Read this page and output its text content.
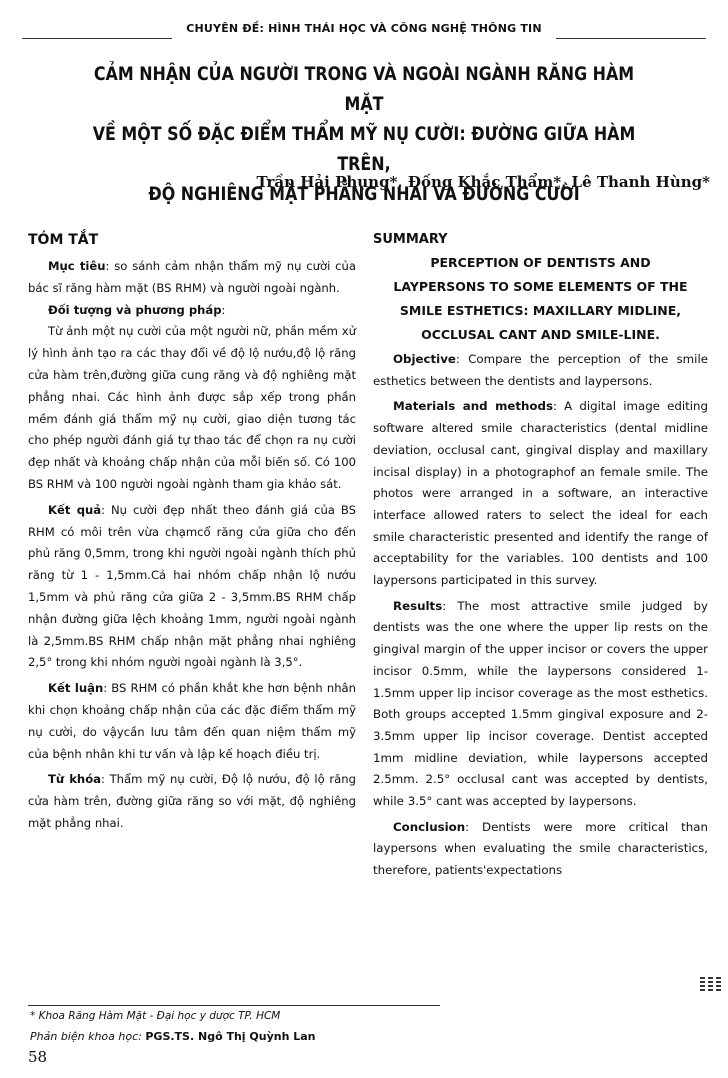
CHUYÊN ĐỀ: HÌNH THÁI HỌC VÀ CÔNG NGHỆ THÔNG TIN
CẢM NHẬN CỦA NGƯỜI TRONG VÀ NGOÀI NGÀNH RĂNG HÀM MẶT
VỀ MỘT SỐ ĐẶC ĐIỂM THẨM MỸ NỤ CƯỜI: ĐƯỜNG GIỮA HÀM TRÊN,
ĐỘ NGHIÊNG MẶT PHẲNG NHAI VÀ ĐƯỜNG CƯỜI
Trần Hải Phụng*, Đống Khắc Thẩm*, Lê Thanh Hùng*
TÓM TẮT

Mục tiêu: so sánh cảm nhận thẩm mỹ nụ cười của bác sĩ răng hàm mặt (BS RHM) và người ngoài ngành.

Đối tượng và phương pháp:

Từ ảnh một nụ cười của một người nữ, phần mềm xử lý hình ảnh tạo ra các thay đổi về độ lộ nướu,độ lộ răng cửa hàm trên,đường giữa cung răng và độ nghiêng mặt phẳng nhai. Các hình ảnh được sắp xếp trong phần mềm đánh giá thẩm mỹ nụ cười, giao diện tương tác cho phép người đánh giá tự thao tác để chọn ra nụ cười đẹp nhất và khoảng chấp nhận của mỗi biến số. Có 100 BS RHM và 100 người ngoài ngành tham gia khảo sát.

Kết quả: Nụ cười đẹp nhất theo đánh giá của BS RHM có môi trên vừa chạmcổ răng cửa giữa cho đến phủ răng 0,5mm, trong khi người ngoài ngành thích phủ răng từ 1 - 1,5mm.Cả hai nhóm chấp nhận lộ nướu 1,5mm và phủ răng cửa giữa 2 - 3,5mm.BS RHM chấp nhận đường giữa lệch khoảng 1mm, người ngoài ngành là 2,5mm.BS RHM chấp nhận mặt phẳng nhai nghiêng 2,5° trong khi nhóm người ngoài ngành là 3,5°.

Kết luận: BS RHM có phần khắt khe hơn bệnh nhân khi chọn khoảng chấp nhận của các đặc điểm thẩm mỹ nụ cười, do vậycần lưu tâm đến quan niệm thẩm mỹ của bệnh nhân khi tư vấn và lập kế hoạch điều trị.

Từ khóa: Thẩm mỹ nụ cười, Độ lộ nướu, độ lộ răng cửa hàm trên, đường giữa răng so với mặt, độ nghiêng mặt phẳng nhai.

SUMMARY
PERCEPTION OF DENTISTS AND
LAYPERSONS TO SOME ELEMENTS OF THE
SMILE ESTHETICS: MAXILLARY MIDLINE,
OCCLUSAL CANT AND SMILE-LINE.

Objective: Compare the perception of the smile esthetics between the dentists and laypersons.

Materials and methods: A digital image editing software altered smile characteristics (dental midline deviation, occlusal cant, gingival display and maxillary incisal display) in a photographof an female smile. The photos were arranged in a software, an interactive interface allowed raters to select the ideal for each smile characteristic presented and identify the range of acceptability for the variables. 100 dentists and 100 laypersons participated in this survey.

Results: The most attractive smile judged by dentists was the one where the upper lip rests on the gingival margin of the upper incisor or covers the upper incisor 0.5mm, while the laypersons considered 1-1.5mm upper lip incisor coverage as the most esthetics. Both groups accepted 1.5mm gingival exposure and 2-3.5mm upper lip incisor coverage. Dentist accepted 1mm midline deviation, while laypersons accepted 2.5mm. 2.5° occlusal cant was accepted by dentists, while 3.5° cant was accepted by laypersons.

Conclusion: Dentists were more critical than laypersons when evaluating the smile characteristics, therefore, patients'expectations

* Khoa Răng Hàm Mặt - Đại học y dược TP. HCM
Phản biện khoa học: PGS.TS. Ngô Thị Quỳnh Lan
58
